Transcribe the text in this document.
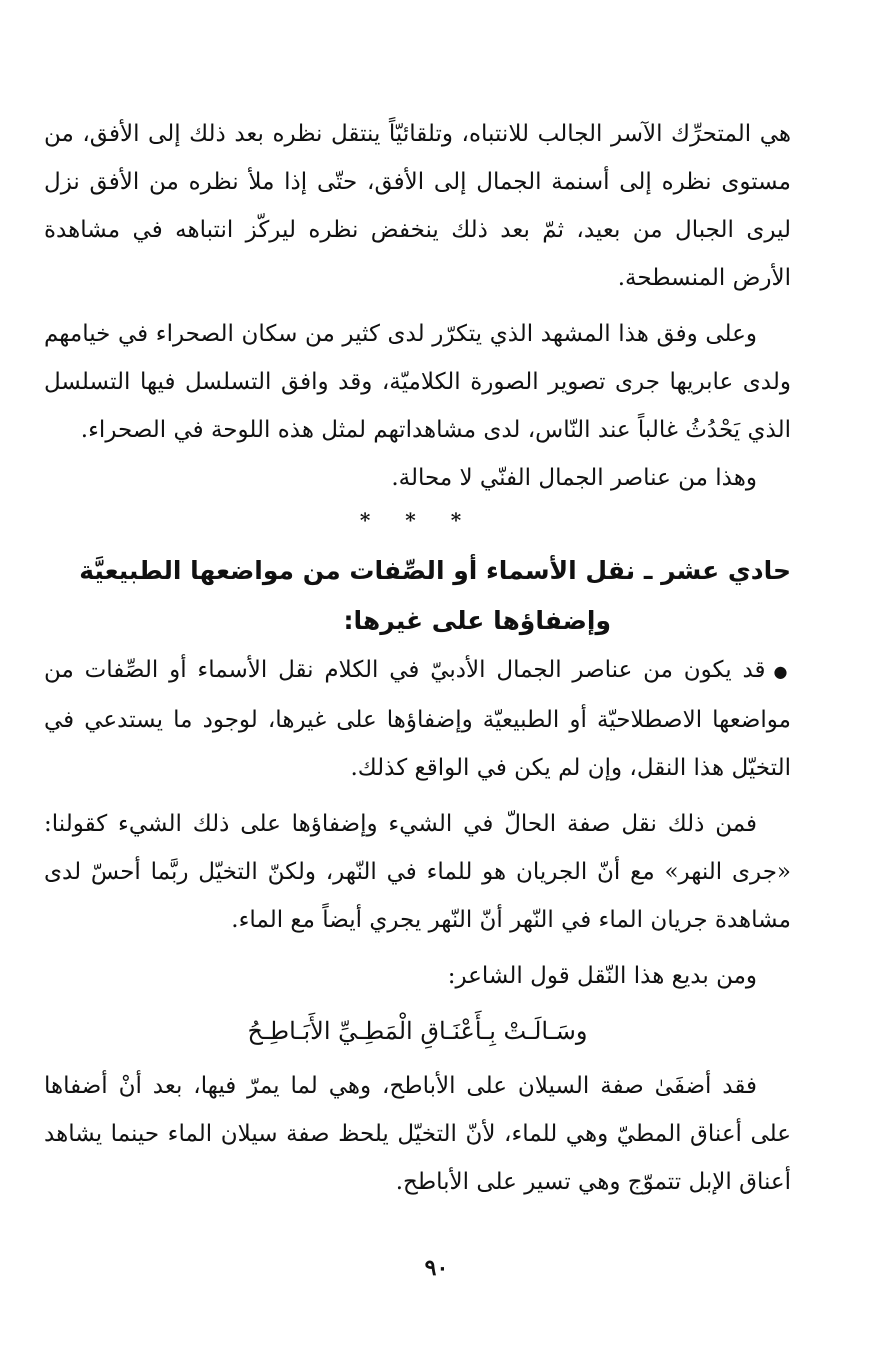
هي المتحرِّك الآسر الجالب للانتباه، وتلقائيّاً ينتقل نظره بعد ذلك إلى الأفق، من مستوى نظره إلى أسنمة الجمال إلى الأفق، حتّى إذا ملأ نظره من الأفق نزل ليرى الجبال من بعيد، ثمّ بعد ذلك ينخفض نظره ليركّز انتباهه في مشاهدة الأرض المنسطحة.

وعلى وفق هذا المشهد الذي يتكرّر لدى كثير من سكان الصحراء في خيامهم ولدى عابريها جرى تصوير الصورة الكلاميّة، وقد وافق التسلسل فيها التسلسل الذي يَحْدُثُ غالباً عند النّاس، لدى مشاهداتهم لمثل هذه اللوحة في الصحراء.

وهذا من عناصر الجمال الفنّي لا محالة.

* * *
حادي عشر ـ نقل الأسماء أو الصِّفات من مواضعها الطبيعيَّة
وإضفاؤها على غيرها:

●قد يكون من عناصر الجمال الأدبيّ في الكلام نقل الأسماء أو الصِّفات من مواضعها الاصطلاحيّة أو الطبيعيّة وإضفاؤها على غيرها، لوجود ما يستدعي في التخيّل هذا النقل، وإن لم يكن في الواقع كذلك.

فمن ذلك نقل صفة الحالّ في الشيء وإضفاؤها على ذلك الشيء كقولنا: «جرى النهر» مع أنّ الجريان هو للماء في النّهر، ولكنّ التخيّل ربَّما أحسّ لدى مشاهدة جريان الماء في النّهر أنّ النّهر يجري أيضاً مع الماء.

ومن بديع هذا النّقل قول الشاعر:

وسَـالَـتْ بِـأَعْنَـاقِ الْمَطِـيِّ الأَبَـاطِـحُ

فقد أضفَىٰ صفة السيلان على الأباطح، وهي لما يمرّ فيها، بعد أنْ أضفاها على أعناق المطيّ وهي للماء، لأنّ التخيّل يلحظ صفة سيلان الماء حينما يشاهد أعناق الإبل تتموّج وهي تسير على الأباطح.

٩٠
